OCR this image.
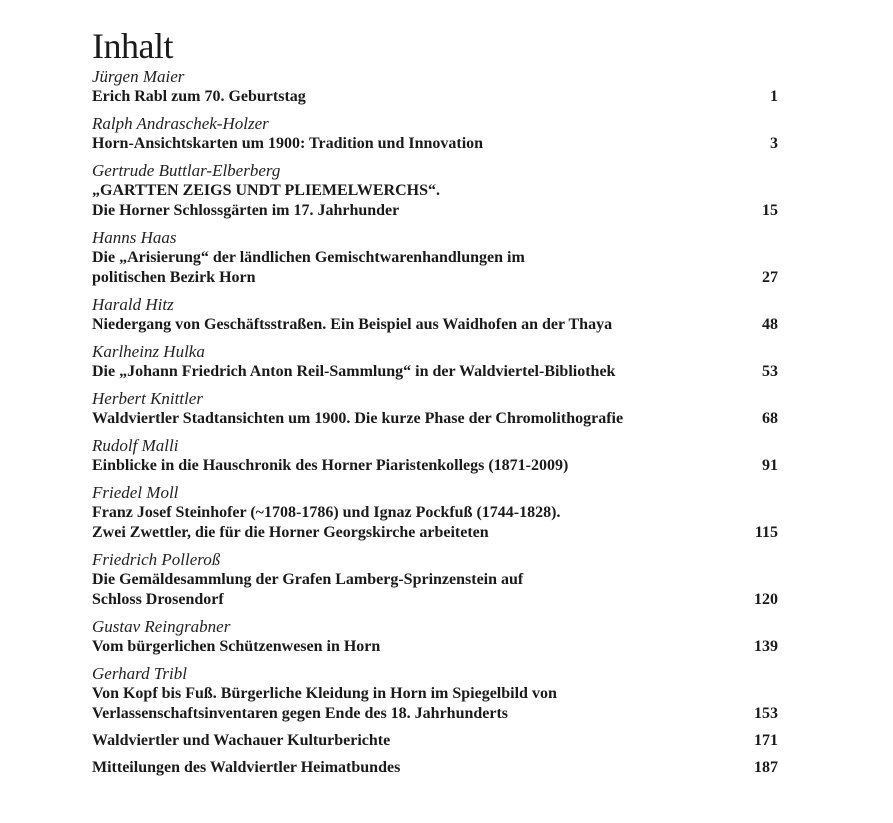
Inhalt
Jürgen Maier
Erich Rabl zum 70. Geburtstag	1
Ralph Andraschek-Holzer
Horn-Ansichtskarten um 1900: Tradition und Innovation	3
Gertrude Buttlar-Elberberg
„GARTTEN ZEIGS UNDT PLIEMELWERCHS“.
Die Horner Schlossgärten im 17. Jahrhunder	15
Hanns Haas
Die „Arisierung“ der ländlichen Gemischtwarenhandlungen im
politischen Bezirk Horn	27
Harald Hitz
Niedergang von Geschäftsstraßen. Ein Beispiel aus Waidhofen an der Thaya	48
Karlheinz Hulka
Die „Johann Friedrich Anton Reil-Sammlung“ in der Waldviertel-Bibliothek	53
Herbert Knittler
Waldviertler Stadtansichten um 1900. Die kurze Phase der Chromolithografie	68
Rudolf Malli
Einblicke in die Hauschronik des Horner Piaristenkollegs (1871-2009)	91
Friedel Moll
Franz Josef Steinhofer (~1708-1786) und Ignaz Pockfuß (1744-1828).
Zwei Zwettler, die für die Horner Georgskirche arbeiteten	115
Friedrich Polleroß
Die Gemäldesammlung der Grafen Lamberg-Sprinzenstein auf
Schloss Drosendorf	120
Gustav Reingrabner
Vom bürgerlichen Schützenwesen in Horn	139
Gerhard Tribl
Von Kopf bis Fuß. Bürgerliche Kleidung in Horn im Spiegelbild von
Verlassenschaftsinventaren gegen Ende des 18. Jahrhunderts	153
Waldviertler und Wachauer Kulturberichte	171
Mitteilungen des Waldviertler Heimatbundes	187
